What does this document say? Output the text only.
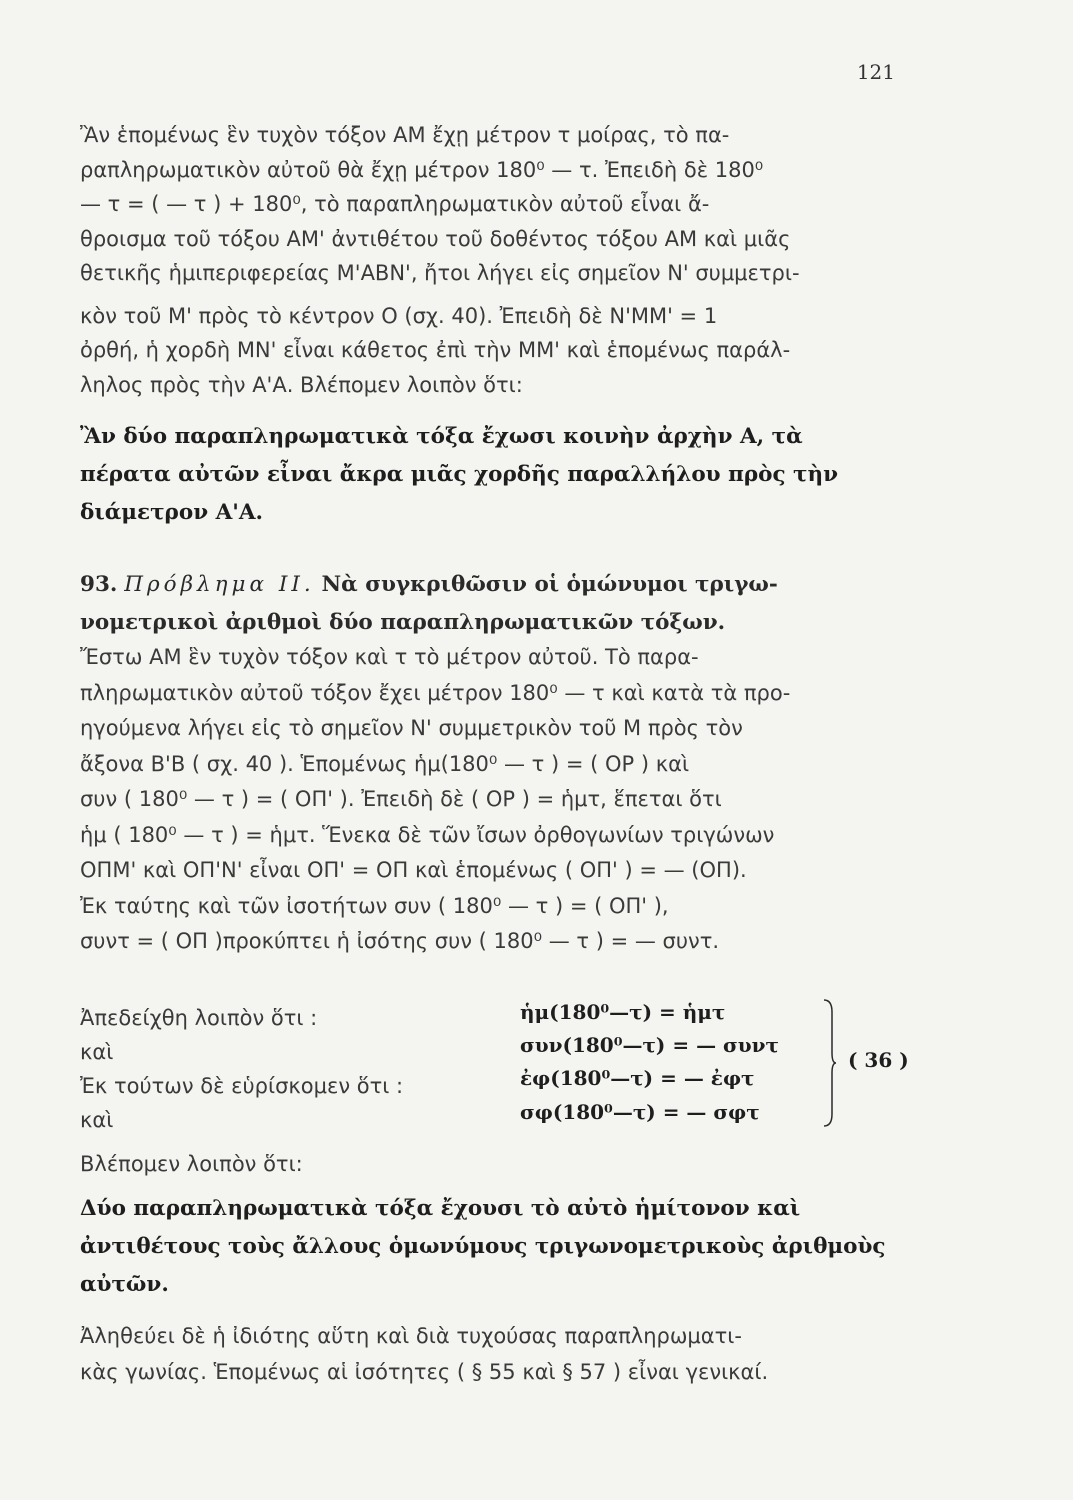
121
Ἂν ἑπομένως ἓν τυχὸν τόξον ΑΜ ἔχῃ μέτρον τ μοίρας, τὸ πα-
ραπληρωματικὸν αὐτοῦ θὰ ἔχῃ μέτρον 180⁰ — τ. Ἐπειδὴ δὲ 180⁰
— τ = ( — τ ) + 180⁰, τὸ παραπληρωματικὸν αὐτοῦ εἶναι ἄ-
θροισμα τοῦ τόξου ΑΜ' ἀντιθέτου τοῦ δοθέντος τόξου ΑΜ καὶ μιᾶς
θετικῆς ἡμιπεριφερείας Μ'ΑΒΝ', ἤτοι λήγει εἰς σημεῖον Ν' συμμετρι-
κὸν τοῦ Μ' πρὸς τὸ κέντρον Ο (σχ. 40). Ἐπειδὴ δὲ Ν'ΜΜ' = 1
ὀρθή, ἡ χορδὴ ΜΝ' εἶναι κάθετος ἐπὶ τὴν ΜΜ' καὶ ἑπομένως παράλ-
ληλος πρὸς τὴν Α'Α. Βλέπομεν λοιπὸν ὅτι:
Ἂν δύο παραπληρωματικὰ τόξα ἔχωσι κοινὴν ἀρχὴν Α, τὰ
πέρατα αὐτῶν εἶναι ἄκρα μιᾶς χορδῆς παραλλήλου πρὸς τὴν
διάμετρον Α'Α.
93. Πρόβλημα ΙΙ. Νὰ συγκριθῶσιν οἱ ὁμώνυμοι τριγω-
νομετρικοὶ ἀριθμοὶ δύο παραπληρωματικῶν τόξων.
Ἔστω ΑΜ ἓν τυχὸν τόξον καὶ τ τὸ μέτρον αὐτοῦ. Τὸ παρα-
πληρωματικὸν αὐτοῦ τόξον ἔχει μέτρον 180⁰ — τ καὶ κατὰ τὰ προ-
ηγούμενα λήγει εἰς τὸ σημεῖον Ν' συμμετρικὸν τοῦ Μ πρὸς τὸν
ἄξονα Β'Β ( σχ. 40 ). Ἑπομένως ἡμ(180⁰ — τ ) = ( ΟΡ ) καὶ
συν ( 180⁰ — τ ) = ( ΟΠ' ). Ἐπειδὴ δὲ ( ΟΡ ) = ἡμτ, ἕπεται ὅτι
ἡμ ( 180⁰ — τ ) = ἡμτ. Ἕνεκα δὲ τῶν ἴσων ὀρθογωνίων τριγώνων
ΟΠΜ' καὶ ΟΠ'Ν' εἶναι ΟΠ' = ΟΠ καὶ ἑπομένως ( ΟΠ' ) = — (ΟΠ).
Ἐκ ταύτης καὶ τῶν ἰσοτήτων συν ( 180⁰ — τ ) = ( ΟΠ' ),
συντ = ( ΟΠ )προκύπτει ἡ ἰσότης συν ( 180⁰ — τ ) = — συντ.
Ἀπεδείχθη λοιπὸν ὅτι :
καὶ
Ἐκ τούτων δὲ εὑρίσκομεν ὅτι :
καὶ
ἡμ(180⁰—τ) = ἡμτ
συν(180⁰—τ) = — συντ
ἐφ(180⁰—τ) = — ἐφτ
σφ(180⁰—τ) = — σφτ
( 36 )
Βλέπομεν λοιπὸν ὅτι:
Δύο παραπληρωματικὰ τόξα ἔχουσι τὸ αὐτὸ ἡμίτονον καὶ
ἀντιθέτους τοὺς ἄλλους ὁμωνύμους τριγωνομετρικοὺς ἀριθμοὺς
αὐτῶν.
Ἀληθεύει δὲ ἡ ἰδιότης αὕτη καὶ διὰ τυχούσας παραπληρωματι-
κὰς γωνίας. Ἑπομένως αἱ ἰσότητες ( § 55 καὶ § 57 ) εἶναι γενικαί.
